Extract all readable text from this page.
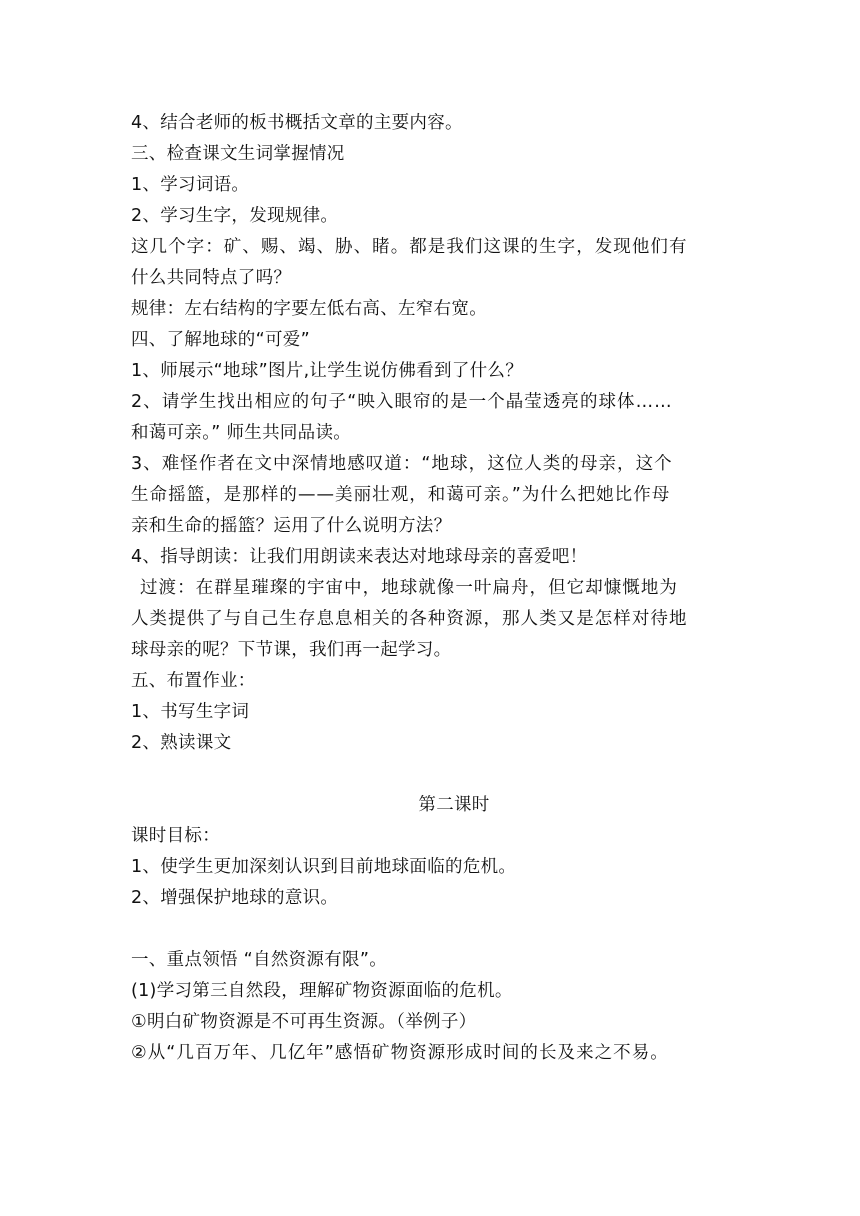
4、结合老师的板书概括文章的主要内容。
三、检查课文生词掌握情况
1、学习词语。
2、学习生字，发现规律。
这几个字：矿、赐、竭、胁、睹。都是我们这课的生字，发现他们有
什么共同特点了吗？
规律：左右结构的字要左低右高、左窄右宽。
四、了解地球的“可爱”
1、师展示“地球”图片,让学生说仿佛看到了什么？
2、请学生找出相应的句子“映入眼帘的是一个晶莹透亮的球体……
和蔼可亲。” 师生共同品读。
3、难怪作者在文中深情地感叹道：“地球，这位人类的母亲，这个
生命摇篮，是那样的——美丽壮观，和蔼可亲。”为什么把她比作母
亲和生命的摇篮？运用了什么说明方法？
4、指导朗读：让我们用朗读来表达对地球母亲的喜爱吧！
过渡：在群星璀璨的宇宙中，地球就像一叶扁舟，但它却慷慨地为
人类提供了与自己生存息息相关的各种资源，那人类又是怎样对待地
球母亲的呢？下节课，我们再一起学习。
五、布置作业：
1、书写生字词
2、熟读课文
第二课时
课时目标：
1、使学生更加深刻认识到目前地球面临的危机。
2、增强保护地球的意识。
一、重点领悟 “自然资源有限”。
(1)学习第三自然段，理解矿物资源面临的危机。
①明白矿物资源是不可再生资源。（举例子）
②从“几百万年、几亿年”感悟矿物资源形成时间的长及来之不易。
